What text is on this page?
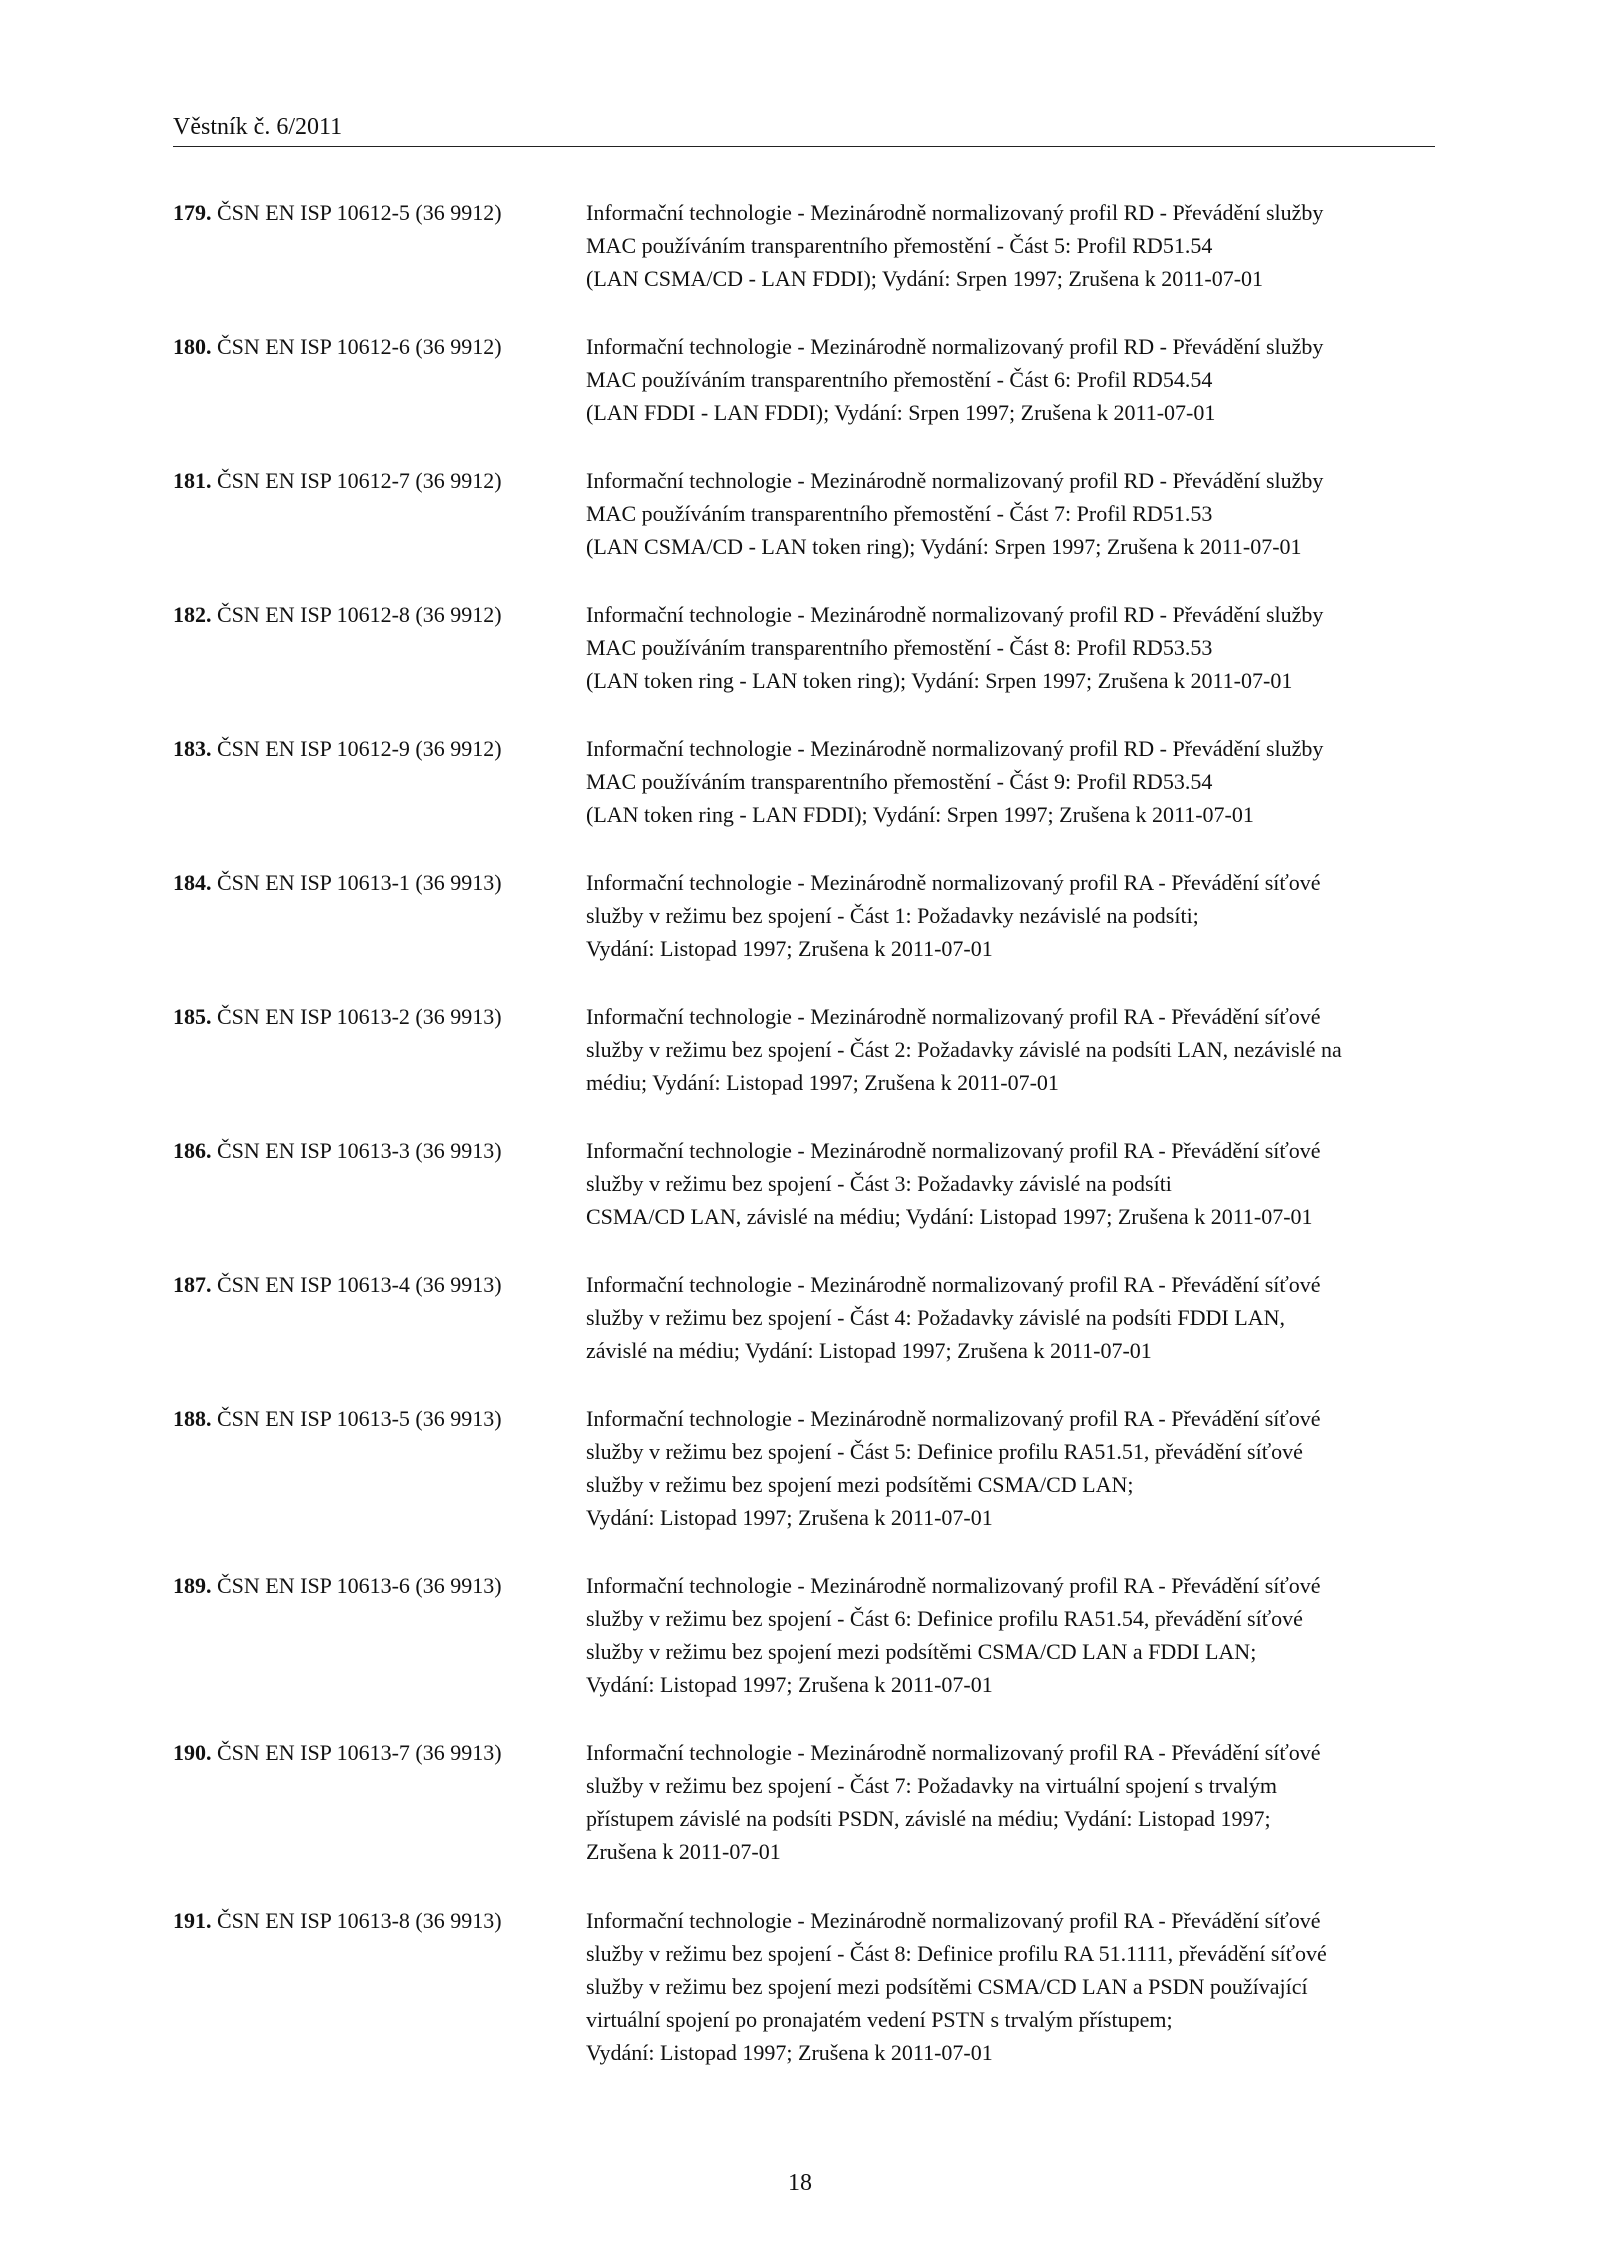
Věstník č. 6/2011
179. ČSN EN ISP 10612-5 (36 9912)	Informační technologie - Mezinárodně normalizovaný profil RD - Převádění služby
MAC používáním transparentního přemostění - Část 5: Profil RD51.54
(LAN CSMA/CD - LAN FDDI); Vydání: Srpen 1997; Zrušena k 2011-07-01
180. ČSN EN ISP 10612-6 (36 9912)	Informační technologie - Mezinárodně normalizovaný profil RD - Převádění služby
MAC používáním transparentního přemostění - Část 6: Profil RD54.54
(LAN FDDI - LAN FDDI); Vydání: Srpen 1997; Zrušena k 2011-07-01
181. ČSN EN ISP 10612-7 (36 9912)	Informační technologie - Mezinárodně normalizovaný profil RD - Převádění služby
MAC používáním transparentního přemostění - Část 7: Profil RD51.53
(LAN CSMA/CD - LAN token ring); Vydání: Srpen 1997; Zrušena k 2011-07-01
182. ČSN EN ISP 10612-8 (36 9912)	Informační technologie - Mezinárodně normalizovaný profil RD - Převádění služby
MAC používáním transparentního přemostění - Část 8: Profil RD53.53
(LAN token ring - LAN token ring); Vydání: Srpen 1997; Zrušena k 2011-07-01
183. ČSN EN ISP 10612-9 (36 9912)	Informační technologie - Mezinárodně normalizovaný profil RD - Převádění služby
MAC používáním transparentního přemostění - Část 9: Profil RD53.54
(LAN token ring - LAN FDDI); Vydání: Srpen 1997; Zrušena k 2011-07-01
184. ČSN EN ISP 10613-1 (36 9913)	Informační technologie - Mezinárodně normalizovaný profil RA - Převádění síťové
služby v režimu bez spojení - Část 1: Požadavky nezávislé na podsíti;
Vydání: Listopad 1997; Zrušena k 2011-07-01
185. ČSN EN ISP 10613-2 (36 9913)	Informační technologie - Mezinárodně normalizovaný profil RA - Převádění síťové
služby v režimu bez spojení - Část 2: Požadavky závislé na podsíti LAN, nezávislé na
médiu; Vydání: Listopad 1997; Zrušena k 2011-07-01
186. ČSN EN ISP 10613-3 (36 9913)	Informační technologie - Mezinárodně normalizovaný profil RA - Převádění síťové
služby v režimu bez spojení - Část 3: Požadavky závislé na podsíti
CSMA/CD LAN, závislé na médiu; Vydání: Listopad 1997; Zrušena k 2011-07-01
187. ČSN EN ISP 10613-4 (36 9913)	Informační technologie - Mezinárodně normalizovaný profil RA - Převádění síťové
služby v režimu bez spojení - Část 4: Požadavky závislé na podsíti FDDI LAN,
závislé na médiu; Vydání: Listopad 1997; Zrušena k 2011-07-01
188. ČSN EN ISP 10613-5 (36 9913)	Informační technologie - Mezinárodně normalizovaný profil RA - Převádění síťové
služby v režimu bez spojení - Část 5: Definice profilu RA51.51, převádění síťové
služby v režimu bez spojení mezi podsítěmi CSMA/CD LAN;
Vydání: Listopad 1997; Zrušena k 2011-07-01
189. ČSN EN ISP 10613-6 (36 9913)	Informační technologie - Mezinárodně normalizovaný profil RA - Převádění síťové
služby v režimu bez spojení - Část 6: Definice profilu RA51.54, převádění síťové
služby v režimu bez spojení mezi podsítěmi CSMA/CD LAN a FDDI LAN;
Vydání: Listopad 1997; Zrušena k 2011-07-01
190. ČSN EN ISP 10613-7 (36 9913)	Informační technologie - Mezinárodně normalizovaný profil RA - Převádění síťové
služby v režimu bez spojení - Část 7: Požadavky na virtuální spojení s trvalým
přístupem závislé na podsíti PSDN, závislé na médiu; Vydání: Listopad 1997;
Zrušena k 2011-07-01
191. ČSN EN ISP 10613-8 (36 9913)	Informační technologie - Mezinárodně normalizovaný profil RA - Převádění síťové
služby v režimu bez spojení - Část 8: Definice profilu RA 51.1111, převádění síťové
služby v režimu bez spojení mezi podsítěmi CSMA/CD LAN a PSDN používající
virtuální spojení po pronajatém vedení PSTN s trvalým přístupem;
Vydání: Listopad 1997; Zrušena k 2011-07-01
18
